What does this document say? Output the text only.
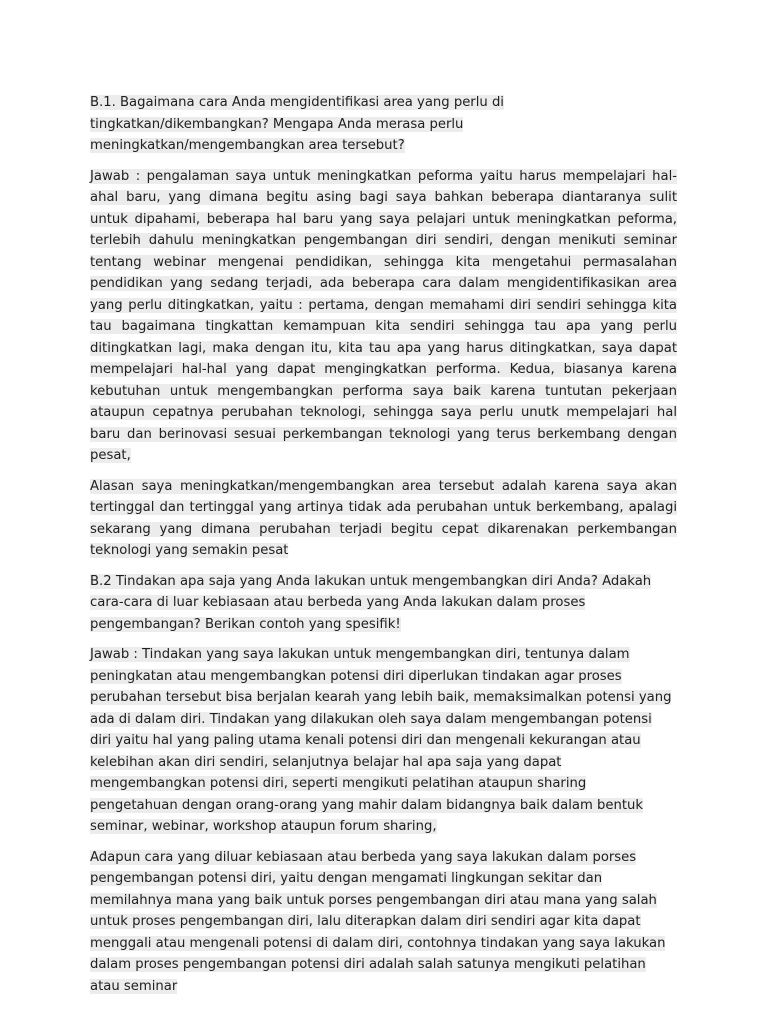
B.1. Bagaimana cara Anda mengidentifikasi area yang perlu di tingkatkan/dikembangkan? Mengapa Anda merasa perlu meningkatkan/mengembangkan area tersebut?

Jawab : pengalaman saya untuk meningkatkan peforma yaitu harus mempelajari hal-ahal baru, yang dimana begitu asing bagi saya bahkan beberapa diantaranya sulit untuk dipahami, beberapa hal baru yang saya pelajari untuk meningkatkan peforma, terlebih dahulu meningkatkan pengembangan diri sendiri, dengan menikuti seminar tentang webinar mengenai pendidikan, sehingga kita mengetahui permasalahan pendidikan yang sedang terjadi, ada beberapa cara dalam mengidentifikasikan area yang perlu ditingkatkan, yaitu : pertama, dengan memahami diri sendiri sehingga kita tau bagaimana tingkattan kemampuan kita sendiri sehingga tau apa yang perlu ditingkatkan lagi, maka dengan itu, kita tau apa yang harus ditingkatkan, saya dapat mempelajari hal-hal yang dapat mengingkatkan performa. Kedua, biasanya karena kebutuhan untuk mengembangkan performa saya baik karena tuntutan pekerjaan ataupun cepatnya perubahan teknologi, sehingga saya perlu unutk mempelajari hal baru dan berinovasi sesuai perkembangan teknologi yang terus berkembang dengan pesat,

Alasan saya meningkatkan/mengembangkan area tersebut adalah karena saya akan tertinggal dan tertinggal yang artinya tidak ada perubahan untuk berkembang, apalagi sekarang yang dimana perubahan terjadi begitu cepat dikarenakan perkembangan teknologi yang semakin pesat

B.2 Tindakan apa saja yang Anda lakukan untuk mengembangkan diri Anda? Adakah cara-cara di luar kebiasaan atau berbeda yang Anda lakukan dalam proses pengembangan? Berikan contoh yang spesifik!

Jawab : Tindakan yang saya lakukan untuk mengembangkan diri, tentunya dalam peningkatan atau mengembangkan potensi diri diperlukan tindakan agar proses perubahan tersebut bisa berjalan kearah yang lebih baik, memaksimalkan potensi yang ada di dalam diri. Tindakan yang dilakukan oleh saya dalam mengembangan potensi diri yaitu hal yang paling utama kenali potensi diri dan mengenali kekurangan atau kelebihan akan diri sendiri, selanjutnya belajar hal apa saja yang dapat mengembangkan potensi diri, seperti mengikuti pelatihan ataupun sharing pengetahuan dengan orang-orang yang mahir dalam bidangnya baik dalam bentuk seminar, webinar, workshop ataupun forum sharing,

Adapun cara yang diluar kebiasaan atau berbeda yang saya lakukan dalam porses pengembangan potensi diri, yaitu dengan mengamati lingkungan sekitar dan memilahnya mana yang baik untuk porses pengembangan diri atau mana yang salah untuk proses pengembangan diri, lalu diterapkan dalam diri sendiri agar kita dapat menggali atau mengenali potensi di dalam diri, contohnya tindakan yang saya lakukan dalam proses pengembangan potensi diri adalah salah satunya mengikuti pelatihan atau seminar
